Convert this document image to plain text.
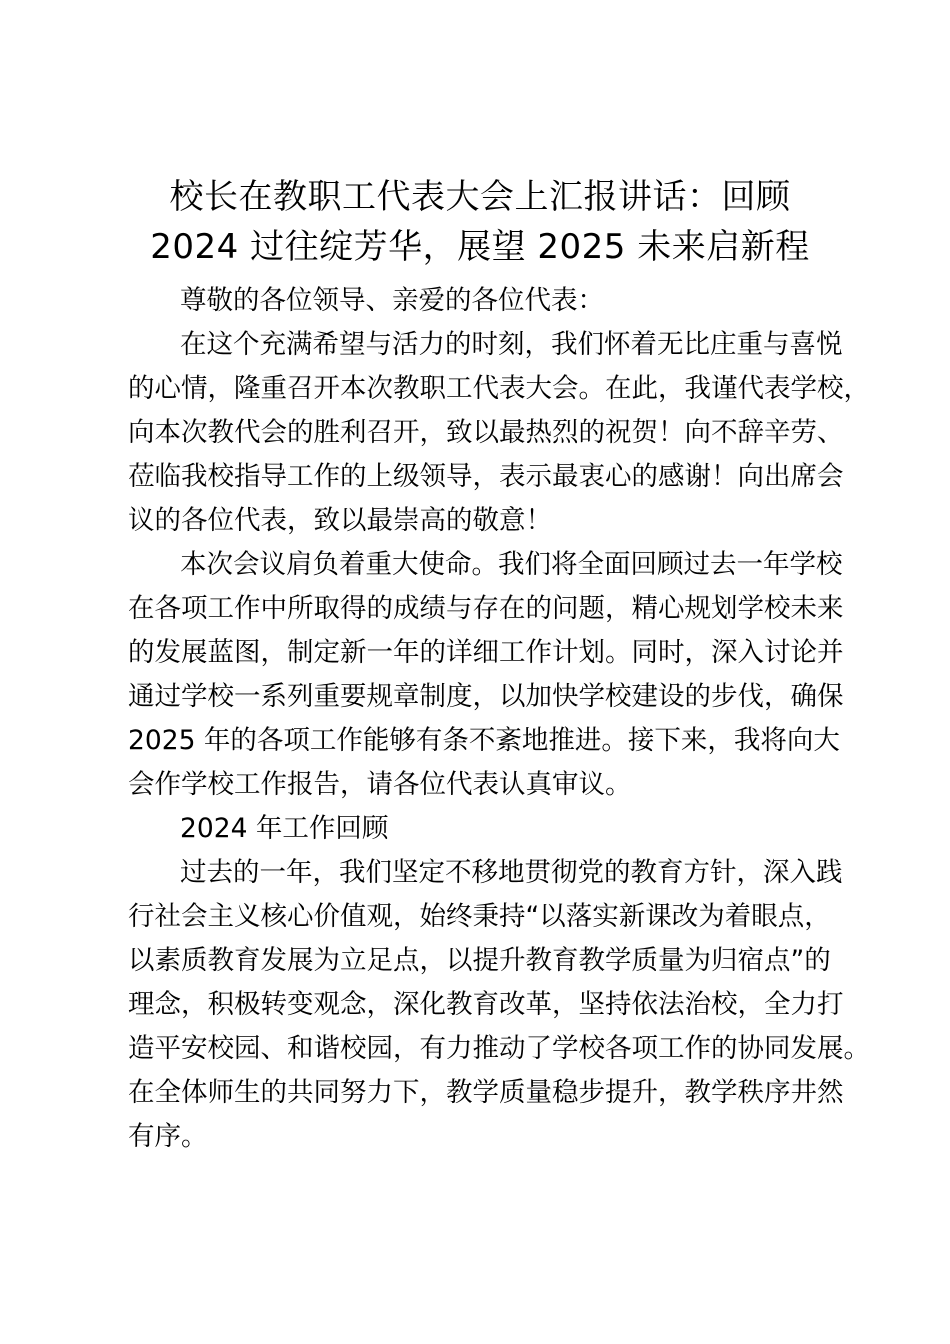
校长在教职工代表大会上汇报讲话：回顾
2024 过往绽芳华，展望 2025 未来启新程
尊敬的各位领导、亲爱的各位代表：
在这个充满希望与活力的时刻，我们怀着无比庄重与喜悦
的心情，隆重召开本次教职工代表大会。在此，我谨代表学校，
向本次教代会的胜利召开，致以最热烈的祝贺！向不辞辛劳、
莅临我校指导工作的上级领导，表示最衷心的感谢！向出席会
议的各位代表，致以最崇高的敬意！
本次会议肩负着重大使命。我们将全面回顾过去一年学校
在各项工作中所取得的成绩与存在的问题，精心规划学校未来
的发展蓝图，制定新一年的详细工作计划。同时，深入讨论并
通过学校一系列重要规章制度，以加快学校建设的步伐，确保
2025 年的各项工作能够有条不紊地推进。接下来，我将向大
会作学校工作报告，请各位代表认真审议。
2024 年工作回顾
过去的一年，我们坚定不移地贯彻党的教育方针，深入践
行社会主义核心价值观，始终秉持“以落实新课改为着眼点，
以素质教育发展为立足点，以提升教育教学质量为归宿点”的
理念，积极转变观念，深化教育改革，坚持依法治校，全力打
造平安校园、和谐校园，有力推动了学校各项工作的协同发展。
在全体师生的共同努力下，教学质量稳步提升，教学秩序井然
有序。
